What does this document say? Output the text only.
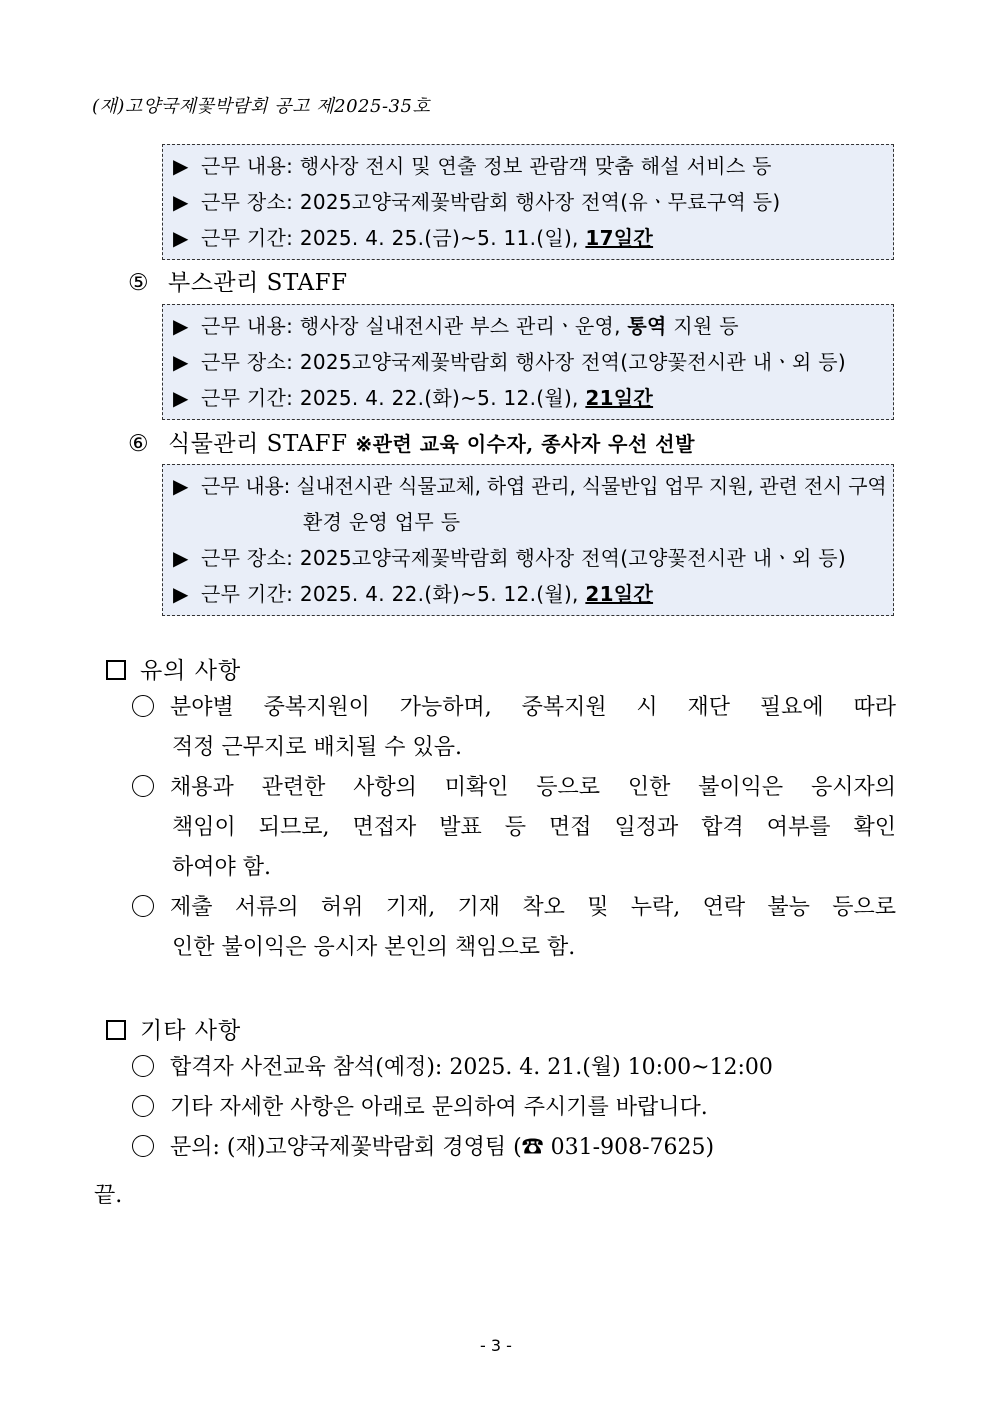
(재)고양국제꽃박람회 공고 제2025-35호
▶ 근무 내용: 행사장 전시 및 연출 정보 관람객 맞춤 해설 서비스 등
▶ 근무 장소: 2025고양국제꽃박람회 행사장 전역(유ㆍ무료구역 등)
▶ 근무 기간: 2025. 4. 25.(금)~5. 11.(일), 17일간
⑤ 부스관리 STAFF
▶ 근무 내용: 행사장 실내전시관 부스 관리ㆍ운영, 통역 지원 등
▶ 근무 장소: 2025고양국제꽃박람회 행사장 전역(고양꽃전시관 내ㆍ외 등)
▶ 근무 기간: 2025. 4. 22.(화)~5. 12.(월), 21일간
⑥ 식물관리 STAFF ※관련 교육 이수자, 종사자 우선 선발
▶ 근무 내용: 실내전시관 식물교체, 하엽 관리, 식물반입 업무 지원, 관련 전시 구역
환경 운영 업무 등
▶ 근무 장소: 2025고양국제꽃박람회 행사장 전역(고양꽃전시관 내ㆍ외 등)
▶ 근무 기간: 2025. 4. 22.(화)~5. 12.(월), 21일간
유의 사항
분야별 중복지원이 가능하며, 중복지원 시 재단 필요에 따라
적정 근무지로 배치될 수 있음.
채용과 관련한 사항의 미확인 등으로 인한 불이익은 응시자의
책임이 되므로, 면접자 발표 등 면접 일정과 합격 여부를 확인
하여야 함.
제출 서류의 허위 기재, 기재 착오 및 누락, 연락 불능 등으로
인한 불이익은 응시자 본인의 책임으로 함.
기타 사항
합격자 사전교육 참석(예정): 2025. 4. 21.(월) 10:00~12:00
기타 자세한 사항은 아래로 문의하여 주시기를 바랍니다.
문의: (재)고양국제꽃박람회 경영팀 (☎ 031-908-7625)
끝.
- 3 -
